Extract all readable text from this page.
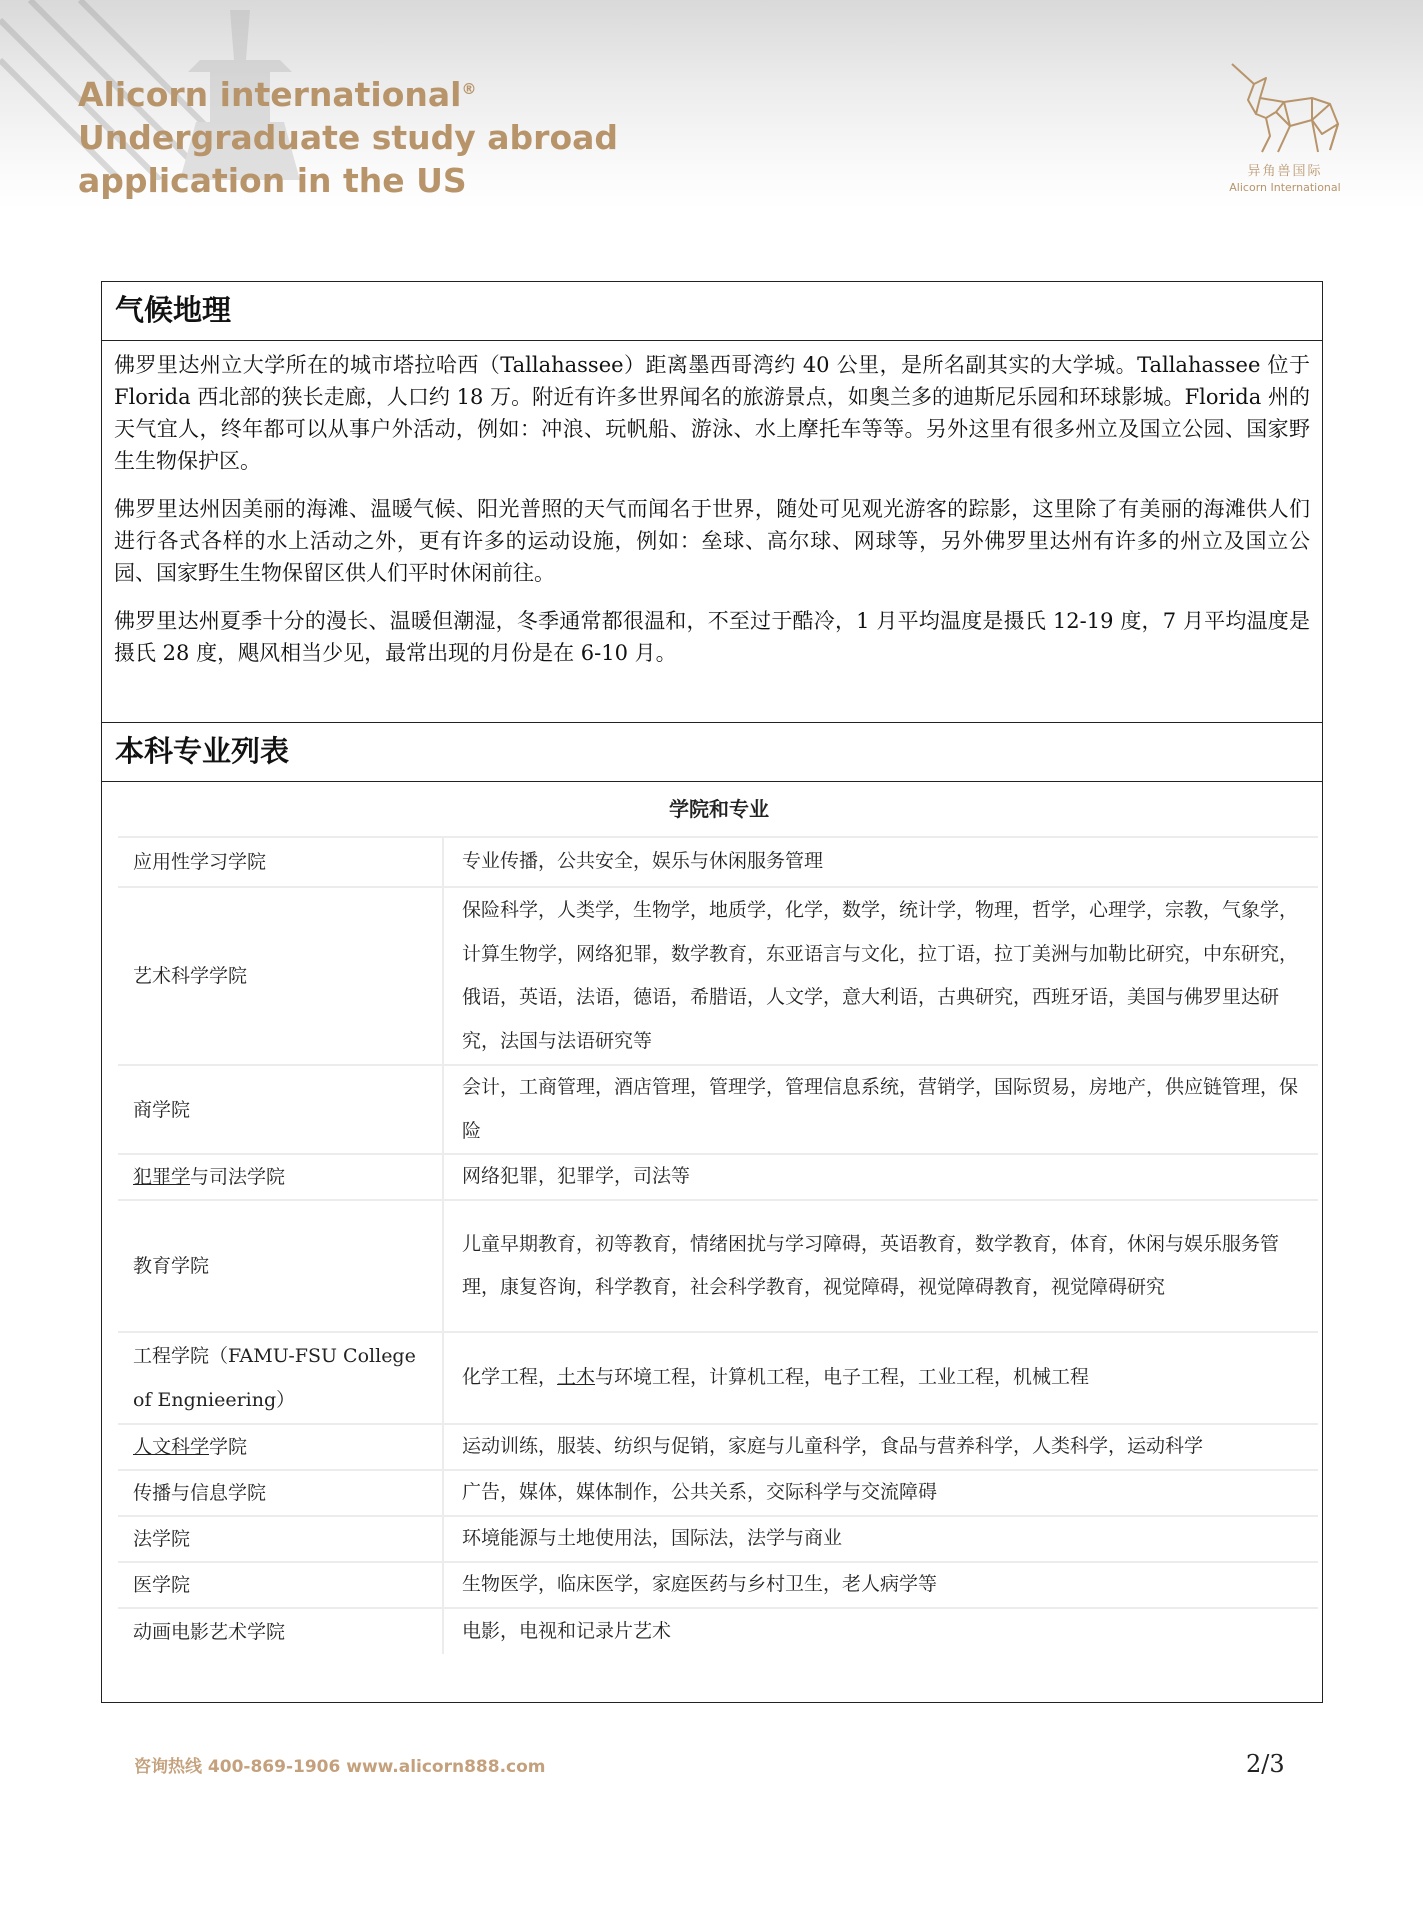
Alicorn international®
Undergraduate study abroad
application in the US	异角兽国际
Alicorn International
气候地理

佛罗里达州立大学所在的城市塔拉哈西（Tallahassee）距离墨西哥湾约 40 公里，是所名副其实的大学城。Tallahassee 位于 Florida 西北部的狭长走廊，人口约 18 万。附近有许多世界闻名的旅游景点，如奥兰多的迪斯尼乐园和环球影城。Florida 州的天气宜人，终年都可以从事户外活动，例如：冲浪、玩帆船、游泳、水上摩托车等等。另外这里有很多州立及国立公园、国家野生生物保护区。

佛罗里达州因美丽的海滩、温暖气候、阳光普照的天气而闻名于世界，随处可见观光游客的踪影，这里除了有美丽的海滩供人们进行各式各样的水上活动之外，更有许多的运动设施，例如：垒球、高尔球、网球等，另外佛罗里达州有许多的州立及国立公园、国家野生生物保留区供人们平时休闲前往。

佛罗里达州夏季十分的漫长、温暖但潮湿，冬季通常都很温和，不至过于酷冷，1 月平均温度是摄氏 12-19 度，7 月平均温度是摄氏 28 度，飓风相当少见，最常出现的月份是在 6-10 月。

本科专业列表
学院和专业
应用性学习学院	专业传播，公共安全，娱乐与休闲服务管理
艺术科学学院	保险科学，人类学，生物学，地质学，化学，数学，统计学，物理，哲学，心理学，宗教，气象学，计算生物学，网络犯罪，数学教育，东亚语言与文化，拉丁语，拉丁美洲与加勒比研究，中东研究，俄语，英语，法语，德语，希腊语，人文学，意大利语，古典研究，西班牙语，美国与佛罗里达研究，法国与法语研究等
商学院	会计，工商管理，酒店管理，管理学，管理信息系统，营销学，国际贸易，房地产，供应链管理，保险
犯罪学与司法学院	网络犯罪，犯罪学，司法等
教育学院	儿童早期教育，初等教育，情绪困扰与学习障碍，英语教育，数学教育，体育，休闲与娱乐服务管理，康复咨询，科学教育，社会科学教育，视觉障碍，视觉障碍教育，视觉障碍研究
工程学院（FAMU-FSU College of Engnieering）	化学工程，土木与环境工程，计算机工程，电子工程，工业工程，机械工程
人文科学学院	运动训练，服装、纺织与促销，家庭与儿童科学，食品与营养科学，人类科学，运动科学
传播与信息学院	广告，媒体，媒体制作，公共关系，交际科学与交流障碍
法学院	环境能源与土地使用法，国际法，法学与商业
医学院	生物医学，临床医学，家庭医药与乡村卫生，老人病学等
动画电影艺术学院	电影，电视和记录片艺术
咨询热线 400-869-1906 www.alicorn888.com	2/3
